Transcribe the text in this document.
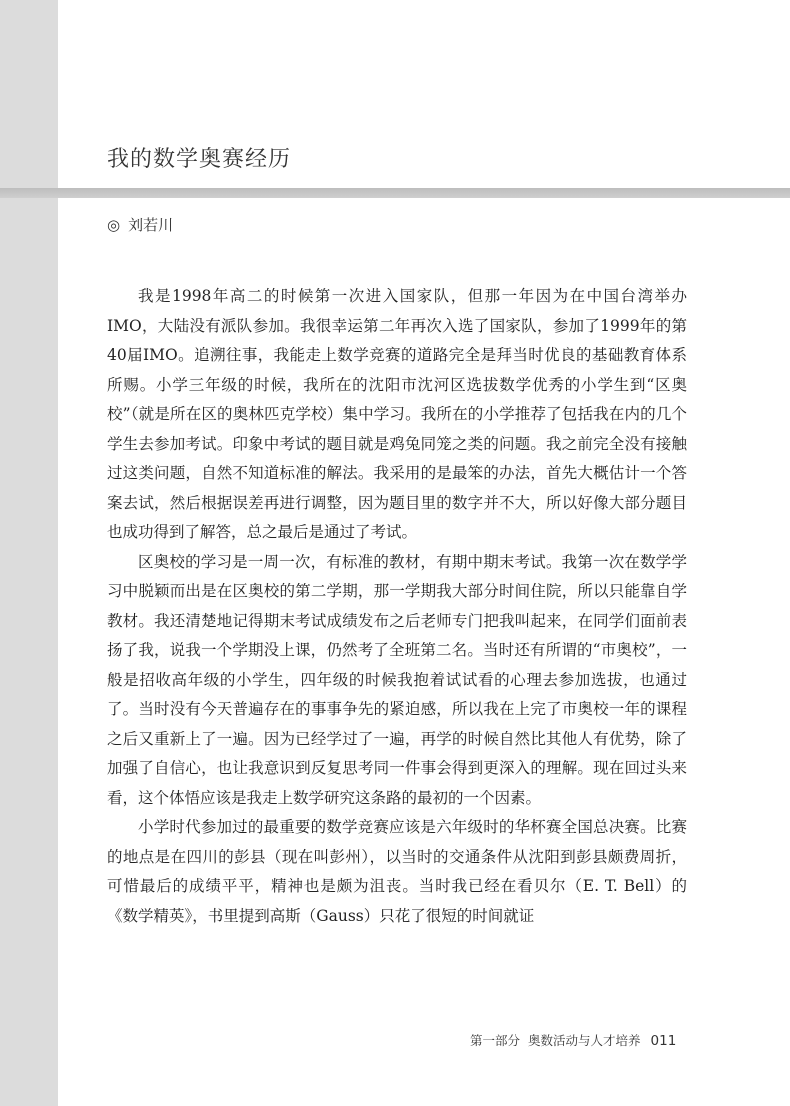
我的数学奥赛经历
◎ 刘若川

我是1998年高二的时候第一次进入国家队，但那一年因为在中国台湾举办IMO，大陆没有派队参加。我很幸运第二年再次入选了国家队，参加了1999年的第40届IMO。追溯往事，我能走上数学竞赛的道路完全是拜当时优良的基础教育体系所赐。小学三年级的时候，我所在的沈阳市沈河区选拔数学优秀的小学生到“区奥校”（就是所在区的奥林匹克学校）集中学习。我所在的小学推荐了包括我在内的几个学生去参加考试。印象中考试的题目就是鸡兔同笼之类的问题。我之前完全没有接触过这类问题，自然不知道标准的解法。我采用的是最笨的办法，首先大概估计一个答案去试，然后根据误差再进行调整，因为题目里的数字并不大，所以好像大部分题目也成功得到了解答，总之最后是通过了考试。

区奥校的学习是一周一次，有标准的教材，有期中期末考试。我第一次在数学学习中脱颖而出是在区奥校的第二学期，那一学期我大部分时间住院，所以只能靠自学教材。我还清楚地记得期末考试成绩发布之后老师专门把我叫起来，在同学们面前表扬了我，说我一个学期没上课，仍然考了全班第二名。当时还有所谓的“市奥校”，一般是招收高年级的小学生，四年级的时候我抱着试试看的心理去参加选拔，也通过了。当时没有今天普遍存在的事事争先的紧迫感，所以我在上完了市奥校一年的课程之后又重新上了一遍。因为已经学过了一遍，再学的时候自然比其他人有优势，除了加强了自信心，也让我意识到反复思考同一件事会得到更深入的理解。现在回过头来看，这个体悟应该是我走上数学研究这条路的最初的一个因素。

小学时代参加过的最重要的数学竞赛应该是六年级时的华杯赛全国总决赛。比赛的地点是在四川的彭县（现在叫彭州），以当时的交通条件从沈阳到彭县颇费周折，可惜最后的成绩平平，精神也是颇为沮丧。当时我已经在看贝尔（E. T. Bell）的《数学精英》，书里提到高斯（Gauss）只花了很短的时间就证

第一部分 奥数活动与人才培养 011
